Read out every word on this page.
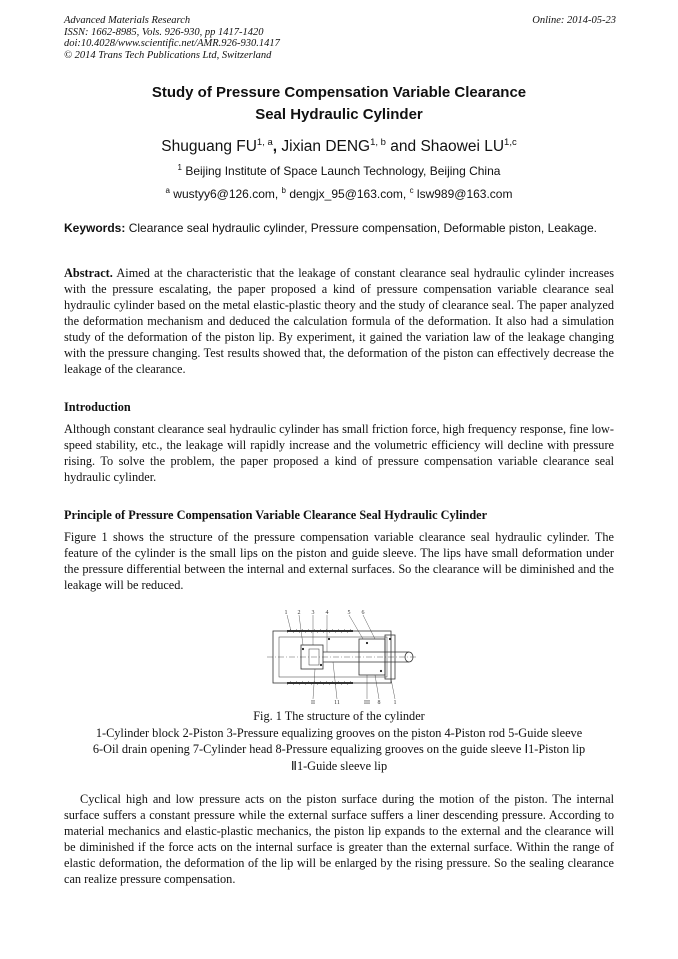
Advanced Materials Research
ISSN: 1662-8985, Vols. 926-930, pp 1417-1420
doi:10.4028/www.scientific.net/AMR.926-930.1417
© 2014 Trans Tech Publications Ltd, Switzerland
Online: 2014-05-23
Study of Pressure Compensation Variable Clearance
Seal Hydraulic Cylinder
Shuguang FU$^{1, a}$, Jixian DENG$^{1, b}$ and Shaowei LU$^{1,c}$
$^1$ Beijing Institute of Space Launch Technology, Beijing China
$^a$ wustyy6@126.com, $^b$ dengjx_95@163.com, $^c$ lsw989@163.com
Keywords: Clearance seal hydraulic cylinder, Pressure compensation, Deformable piston, Leakage.
Abstract. Aimed at the characteristic that the leakage of constant clearance seal hydraulic cylinder increases with the pressure escalating, the paper proposed a kind of pressure compensation variable clearance seal hydraulic cylinder based on the metal elastic-plastic theory and the study of clearance seal. The paper analyzed the deformation mechanism and deduced the calculation formula of the deformation. It also had a simulation study of the deformation of the piston lip. By experiment, it gained the variation law of the leakage changing with the pressure changing. Test results showed that, the deformation of the piston can effectively decrease the leakage of the clearance.
Introduction
Although constant clearance seal hydraulic cylinder has small friction force, high frequency response, fine low-speed stability, etc., the leakage will rapidly increase and the volumetric efficiency will decline with pressure rising. To solve the problem, the paper proposed a kind of pressure compensation variable clearance seal hydraulic cylinder.
Principle of Pressure Compensation Variable Clearance Seal Hydraulic Cylinder
Figure 1 shows the structure of the pressure compensation variable clearance seal hydraulic cylinder. The feature of the cylinder is the small lips on the piston and guide sleeve. The lips have small deformation under the pressure differential between the internal and external surfaces. So the clearance will be diminished and the leakage will be reduced.
1 2 3 4	5 6
II	11	III 8 1
Fig. 1 The structure of the cylinder
1-Cylinder block 2-Piston 3-Pressure equalizing grooves on the piston 4-Piston rod 5-Guide sleeve
6-Oil drain opening 7-Cylinder head 8-Pressure equalizing grooves on the guide sleeve Ⅰ1-Piston lip
Ⅱ1-Guide sleeve lip
Cyclical high and low pressure acts on the piston surface during the motion of the piston. The internal surface suffers a constant pressure while the external surface suffers a liner descending pressure. According to material mechanics and elastic-plastic mechanics, the piston lip expands to the external and the clearance will be diminished if the force acts on the internal surface is greater than the external surface. Within the range of elastic deformation, the deformation of the lip will be enlarged by the rising pressure. So the sealing clearance can realize pressure compensation.
